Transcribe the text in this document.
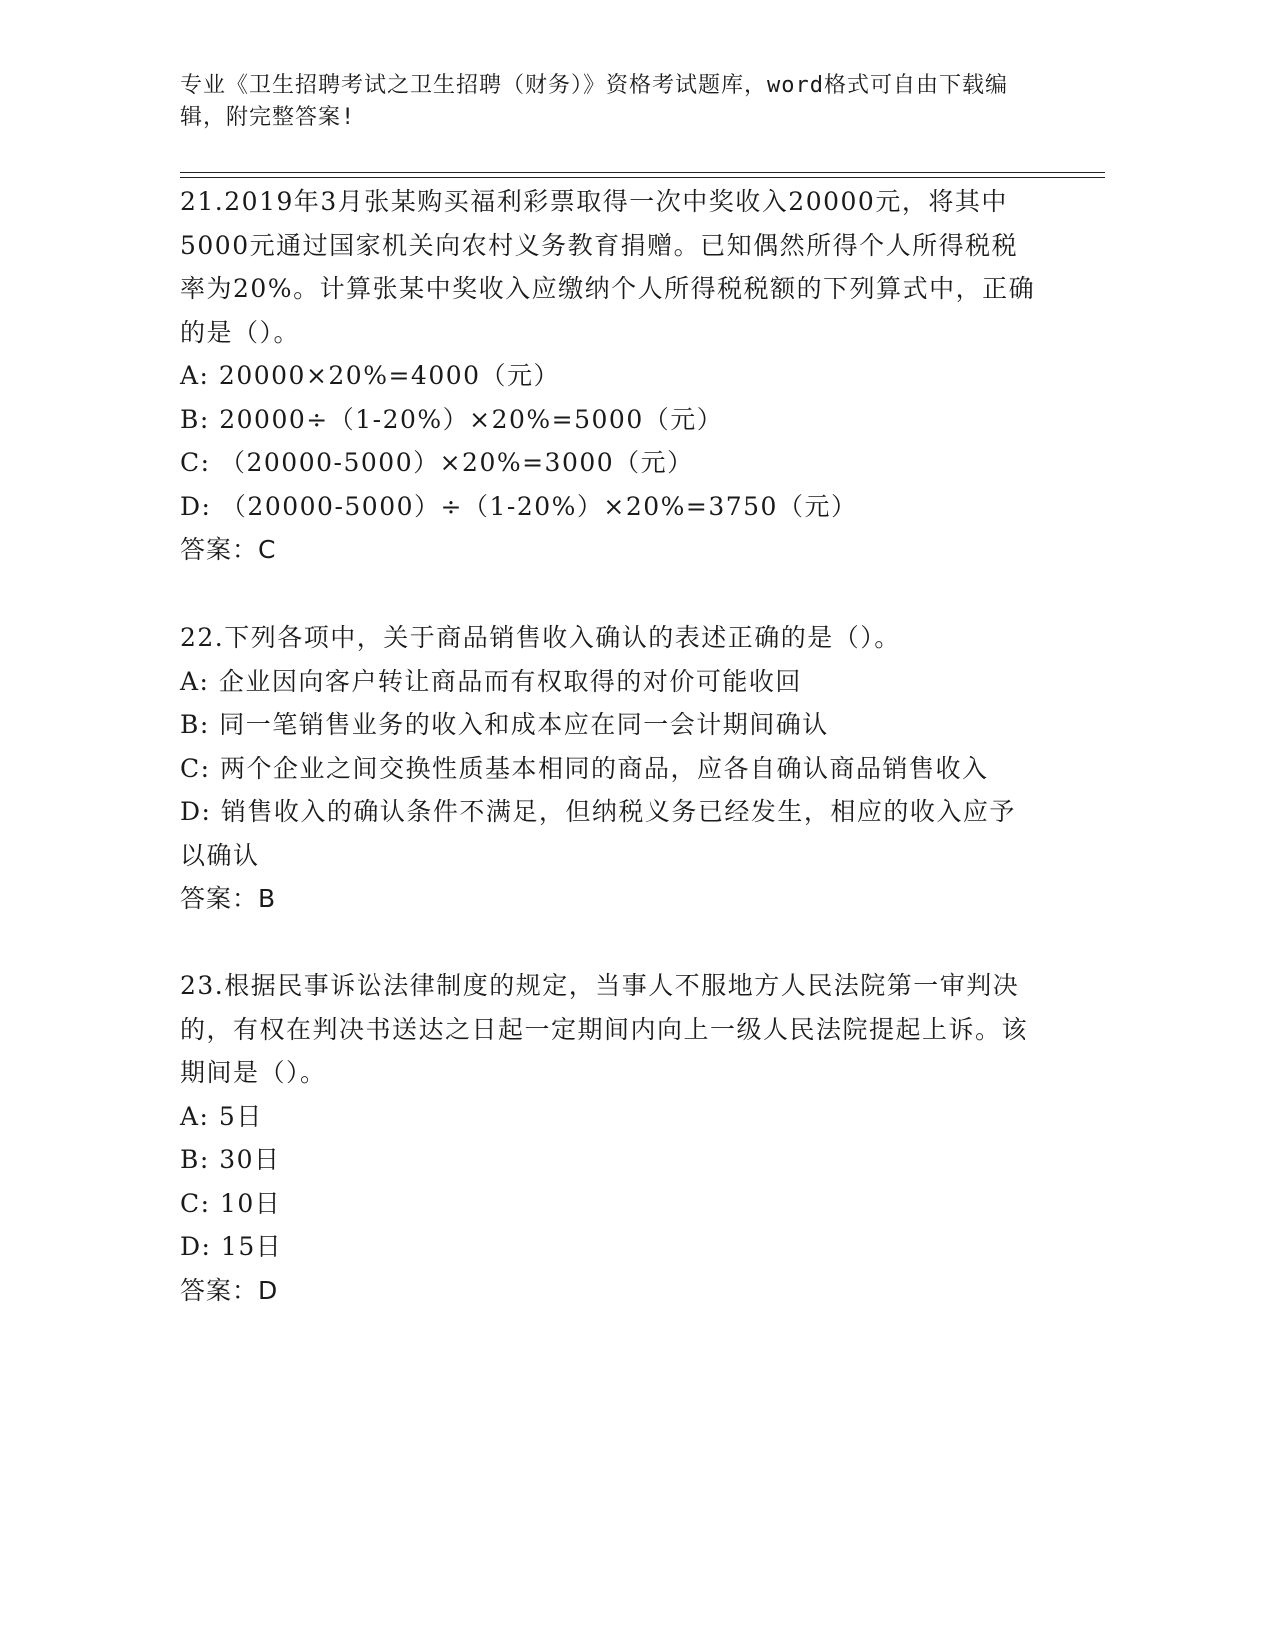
专业《卫生招聘考试之卫生招聘（财务）》资格考试题库，word格式可自由下载编辑，附完整答案!
21.2019年3月张某购买福利彩票取得一次中奖收入20000元，将其中5000元通过国家机关向农村义务教育捐赠。已知偶然所得个人所得税税率为20%。计算张某中奖收入应缴纳个人所得税税额的下列算式中，正确的是（）。
A: 20000×20%=4000（元）
B: 20000÷（1-20%）×20%=5000（元）
C: （20000-5000）×20%=3000（元）
D: （20000-5000）÷（1-20%）×20%=3750（元）
答案：C
22.下列各项中，关于商品销售收入确认的表述正确的是（）。
A: 企业因向客户转让商品而有权取得的对价可能收回
B: 同一笔销售业务的收入和成本应在同一会计期间确认
C: 两个企业之间交换性质基本相同的商品，应各自确认商品销售收入
D: 销售收入的确认条件不满足，但纳税义务已经发生，相应的收入应予以确认
答案：B
23.根据民事诉讼法律制度的规定，当事人不服地方人民法院第一审判决的，有权在判决书送达之日起一定期间内向上一级人民法院提起上诉。该期间是（）。
A: 5日
B: 30日
C: 10日
D: 15日
答案：D
